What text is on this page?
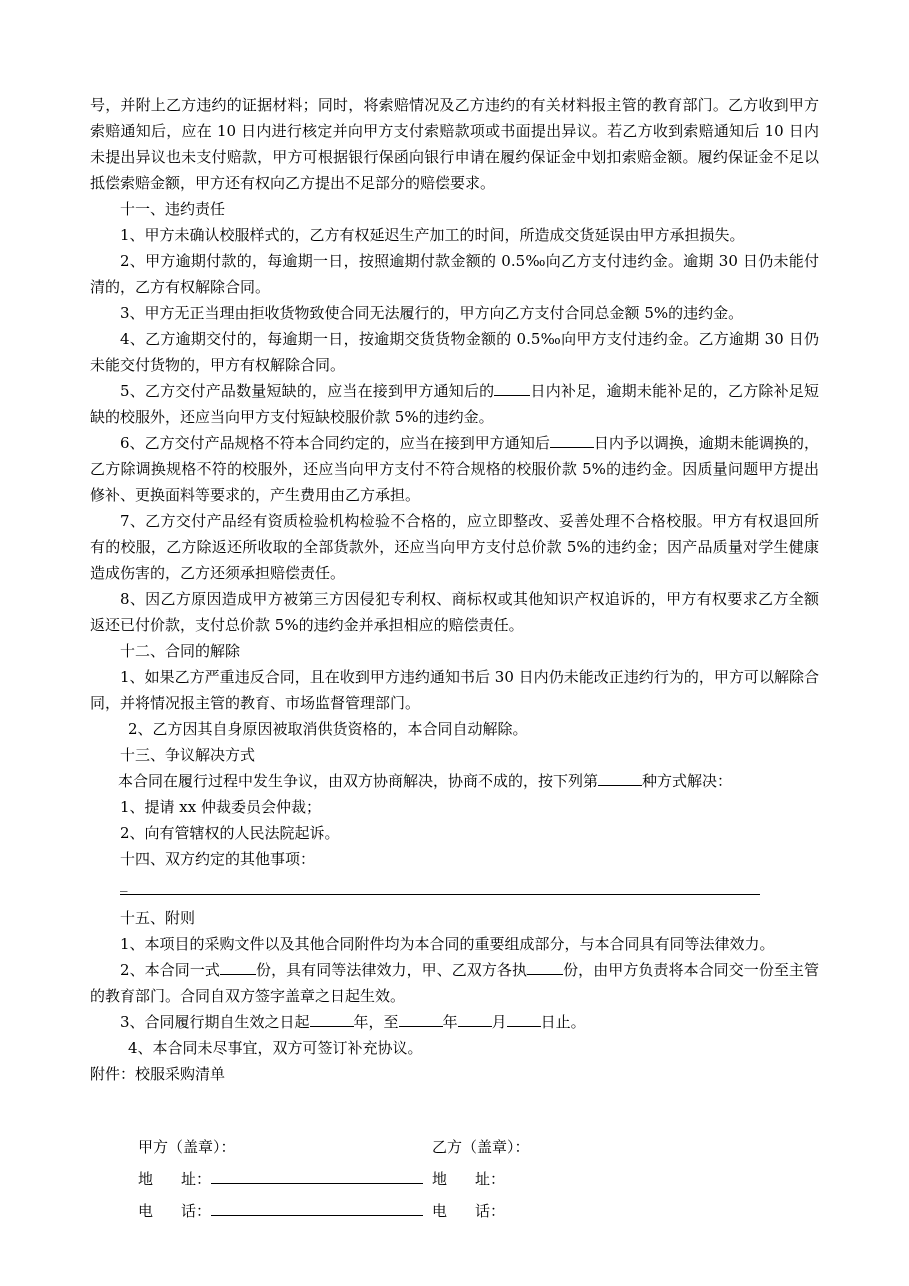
号，并附上乙方违约的证据材料；同时，将索赔情况及乙方违约的有关材料报主管的教育部门。乙方收到甲方索赔通知后，应在 10 日内进行核定并向甲方支付索赔款项或书面提出异议。若乙方收到索赔通知后 10 日内未提出异议也未支付赔款，甲方可根据银行保函向银行申请在履约保证金中划扣索赔金额。履约保证金不足以抵偿索赔金额，甲方还有权向乙方提出不足部分的赔偿要求。

十一、违约责任

1、甲方未确认校服样式的，乙方有权延迟生产加工的时间，所造成交货延误由甲方承担损失。

2、甲方逾期付款的，每逾期一日，按照逾期付款金额的 0.5‰向乙方支付违约金。逾期 30 日仍未能付清的，乙方有权解除合同。

3、甲方无正当理由拒收货物致使合同无法履行的，甲方向乙方支付合同总金额 5%的违约金。

4、乙方逾期交付的，每逾期一日，按逾期交货货物金额的 0.5‰向甲方支付违约金。乙方逾期 30 日仍未能交付货物的，甲方有权解除合同。

5、乙方交付产品数量短缺的，应当在接到甲方通知后的 日内补足，逾期未能补足的，乙方除补足短缺的校服外，还应当向甲方支付短缺校服价款 5%的违约金。

6、乙方交付产品规格不符本合同约定的，应当在接到甲方通知后	日内予以调换，逾期未能调换的，乙方除调换规格不符的校服外，还应当向甲方支付不符合规格的校服价款 5%的违约金。因质量问题甲方提出修补、更换面料等要求的，产生费用由乙方承担。

7、乙方交付产品经有资质检验机构检验不合格的，应立即整改、妥善处理不合格校服。甲方有权退回所有的校服，乙方除返还所收取的全部货款外，还应当向甲方支付总价款 5%的违约金；因产品质量对学生健康造成伤害的，乙方还须承担赔偿责任。

8、因乙方原因造成甲方被第三方因侵犯专利权、商标权或其他知识产权追诉的，甲方有权要求乙方全额返还已付价款，支付总价款 5%的违约金并承担相应的赔偿责任。

十二、合同的解除

1、如果乙方严重违反合同，且在收到甲方违约通知书后 30 日内仍未能改正违约行为的，甲方可以解除合同，并将情况报主管的教育、市场监督管理部门。

2、乙方因其自身原因被取消供货资格的，本合同自动解除。

十三、争议解决方式

本合同在履行过程中发生争议，由双方协商解决，协商不成的，按下列第	种方式解决：

1、提请 xx 仲裁委员会仲裁；

2、向有管辖权的人民法院起诉。

十四、双方约定的其他事项：

_

十五、附则

1、本项目的采购文件以及其他合同附件均为本合同的重要组成部分，与本合同具有同等法律效力。

2、本合同一式 份，具有同等法律效力，甲、乙双方各执 份，由甲方负责将本合同交一份至主管的教育部门。合同自双方签字盖章之日起生效。

3、合同履行期自生效之日起	年，至	年 月 日止。

4、本合同未尽事宜，双方可签订补充协议。

附件：校服采购清单

甲方（盖章）：	乙方（盖章）：
地 址：	地 址：
电 话：	电 话：
